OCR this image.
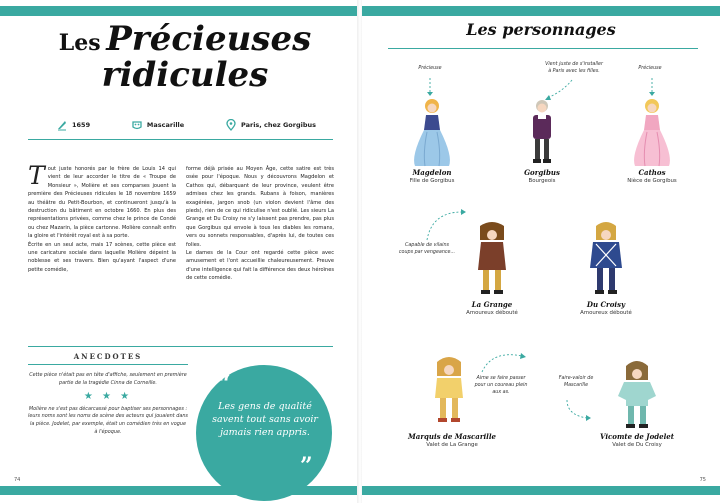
Les Précieuses
ridicules
1659	Mascarille	Paris, chez Gorgibus
Tout juste honorés par le frère de Louis 14 qui vient de leur accorder le titre de « Troupe de Monsieur », Molière et ses comparses jouent la première des Précieuses ridicules le 18 novembre 1659 au théâtre du Petit-Bourbon, et continueront jusqu'à la destruction du bâtiment en octobre 1660. En plus des représentations privées, comme chez le prince de Condé ou chez Mazarin, la pièce cartonne. Molière connaît enfin la gloire et l'intérêt royal est à sa porte.
Écrite en un seul acte, mais 17 scènes, cette pièce est une caricature sociale dans laquelle Molière dépeint la noblesse et ses travers. Bien qu'ayant l'aspect d'une petite comédie,
forme déjà prisée au Moyen Âge, cette satire est très osée pour l'époque. Nous y découvrons Magdelon et Cathos qui, débarquant de leur province, veulent être admises chez les grands. Rubans à foison, manières exagérées, jargon snob (un violon devient l'âme des pieds), rien de ce qui ridiculise n'est oublié. Les sieurs La Grange et Du Croisy ne s'y laissent pas prendre, pas plus que Gorgibus qui envoie à tous les diables les romans, vers ou sonnets responsables, d'après lui, de toutes ces folies.
Le dames de la Cour ont regardé cette pièce avec amusement et l'ont accueillie chaleureusement. Preuve d'une intelligence qui fait la différence des deux héroïnes de cette comédie.
ANECDOTES

Cette pièce n'était pas en tête d'affiche, seulement en première partie de la tragédie Cinna de Corneille.

★ ★ ★

Molière ne s'est pas décarcassé pour baptiser ses personnages : leurs noms sont les noms de scène des acteurs qui jouaient dans la pièce. Jodelet, par exemple, était un comédien très en vogue à l'époque.

“
Les gens de qualité savent tout sans avoir jamais rien appris.
”
74
Les personnages
Précieuse
Vient juste de s'installer à Paris avec les filles.
Précieuse
Capable de vilains coups par vengeance...
Aime se faire passer pour un coureau plein aux as.
Faire-valoir de Mascarille
Magdelon
Fille de Gorgibus
Gorgibus
Bourgeois
Cathos
Nièce de Gorgibus
La Grange
Amoureux débouté
Du Croisy
Amoureux débouté
Marquis de Mascarille
Valet de La Grange
Vicomte de Jodelet
Valet de Du Croisy
75
